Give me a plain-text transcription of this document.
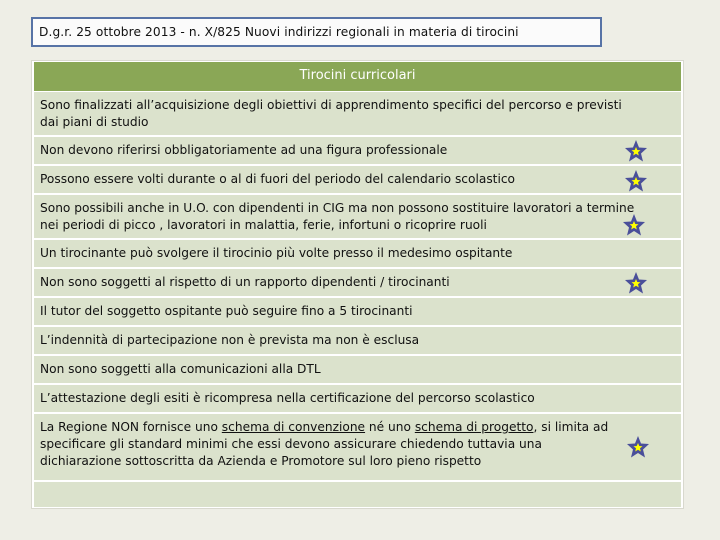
D.g.r. 25 ottobre 2013 - n. X/825 Nuovi indirizzi regionali in materia di tirocini
Tirocini curricolari
Sono finalizzati all’acquisizione degli obiettivi di apprendimento specifici del percorso e previsti
dai piani di studio
Non devono riferirsi obbligatoriamente ad una figura professionale
Possono essere volti durante o al di fuori del periodo del calendario scolastico
Sono possibili anche in U.O. con dipendenti in CIG ma non possono sostituire lavoratori a termine
nei periodi di picco , lavoratori in malattia, ferie, infortuni o ricoprire ruoli
Un tirocinante può svolgere il tirocinio più volte presso il medesimo ospitante
Non sono soggetti al rispetto di un rapporto dipendenti / tirocinanti
Il tutor del soggetto ospitante può seguire fino a 5 tirocinanti
L’indennità di partecipazione non è prevista ma non è esclusa
Non sono soggetti alla comunicazioni alla DTL
L’attestazione degli esiti è ricompresa nella certificazione del percorso scolastico
La Regione NON fornisce uno schema di convenzione né uno schema di progetto, si limita ad
specificare gli standard minimi che essi devono assicurare chiedendo tuttavia una
dichiarazione sottoscritta da Azienda e Promotore sul loro pieno rispetto
